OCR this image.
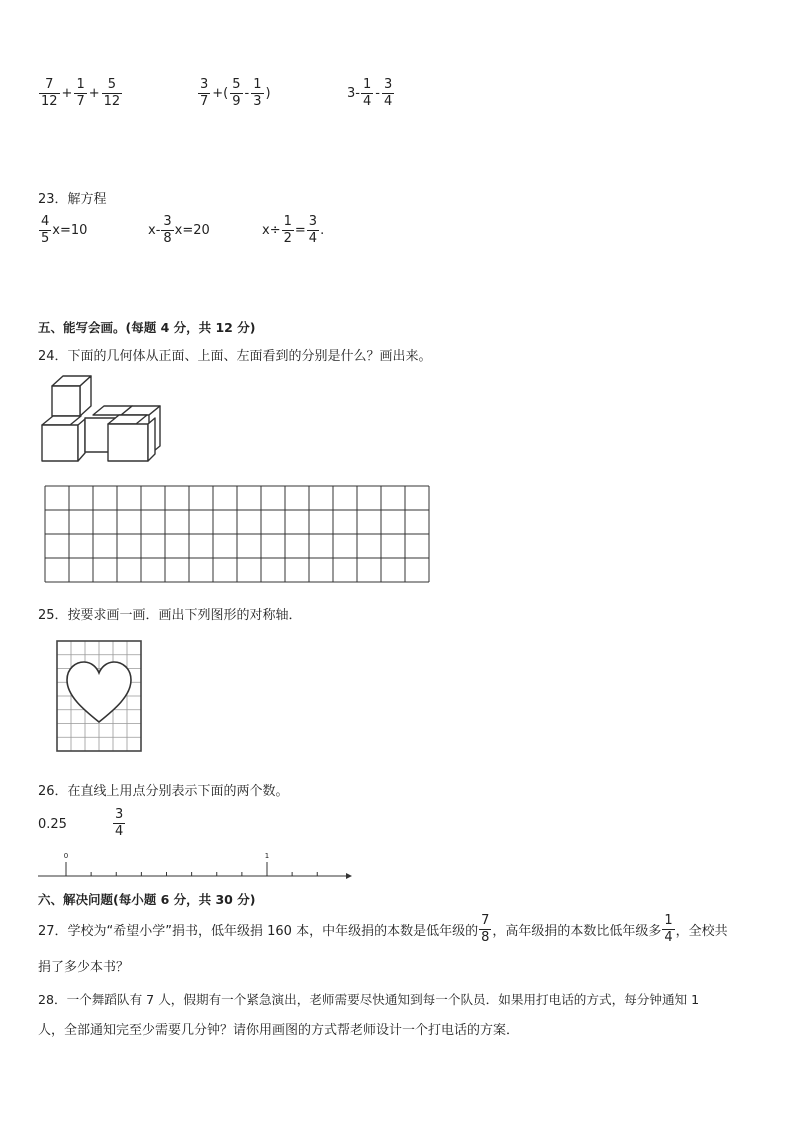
$\frac{7}{12} + \frac{1}{7} + \frac{5}{12}$	$\frac{3}{7}$ +( $\frac{5}{9} - \frac{1}{3}$ )	$3- \frac{1}{4} - \frac{3}{4}$
23．解方程
$\frac{4}{5} x=10$	$x- \frac{3}{8} x=20$	$x\div \frac{1}{2} = \frac{3}{4}$ .
五、能写会画。(每题 4 分，共 12 分)
24．下面的几何体从正面、上面、左面看到的分别是什么？画出来。
25．按要求画一画．画出下列图形的对称轴．
26．在直线上用点分别表示下面的两个数。
0.25	$\frac{3}{4}$
0	1
六、解决问题(每小题 6 分，共 30 分)
27．学校为“希望小学”捐书，低年级捐 160 本，中年级捐的本数是低年级的 $\frac{7}{8}$ ，高年级捐的本数比低年级多 $\frac{1}{4}$ ，全校共
捐了多少本书？
28．一个舞蹈队有 7 人，假期有一个紧急演出，老师需要尽快通知到每一个队员．如果用打电话的方式，每分钟通知 1
人，全部通知完至少需要几分钟？请你用画图的方式帮老师设计一个打电话的方案．
